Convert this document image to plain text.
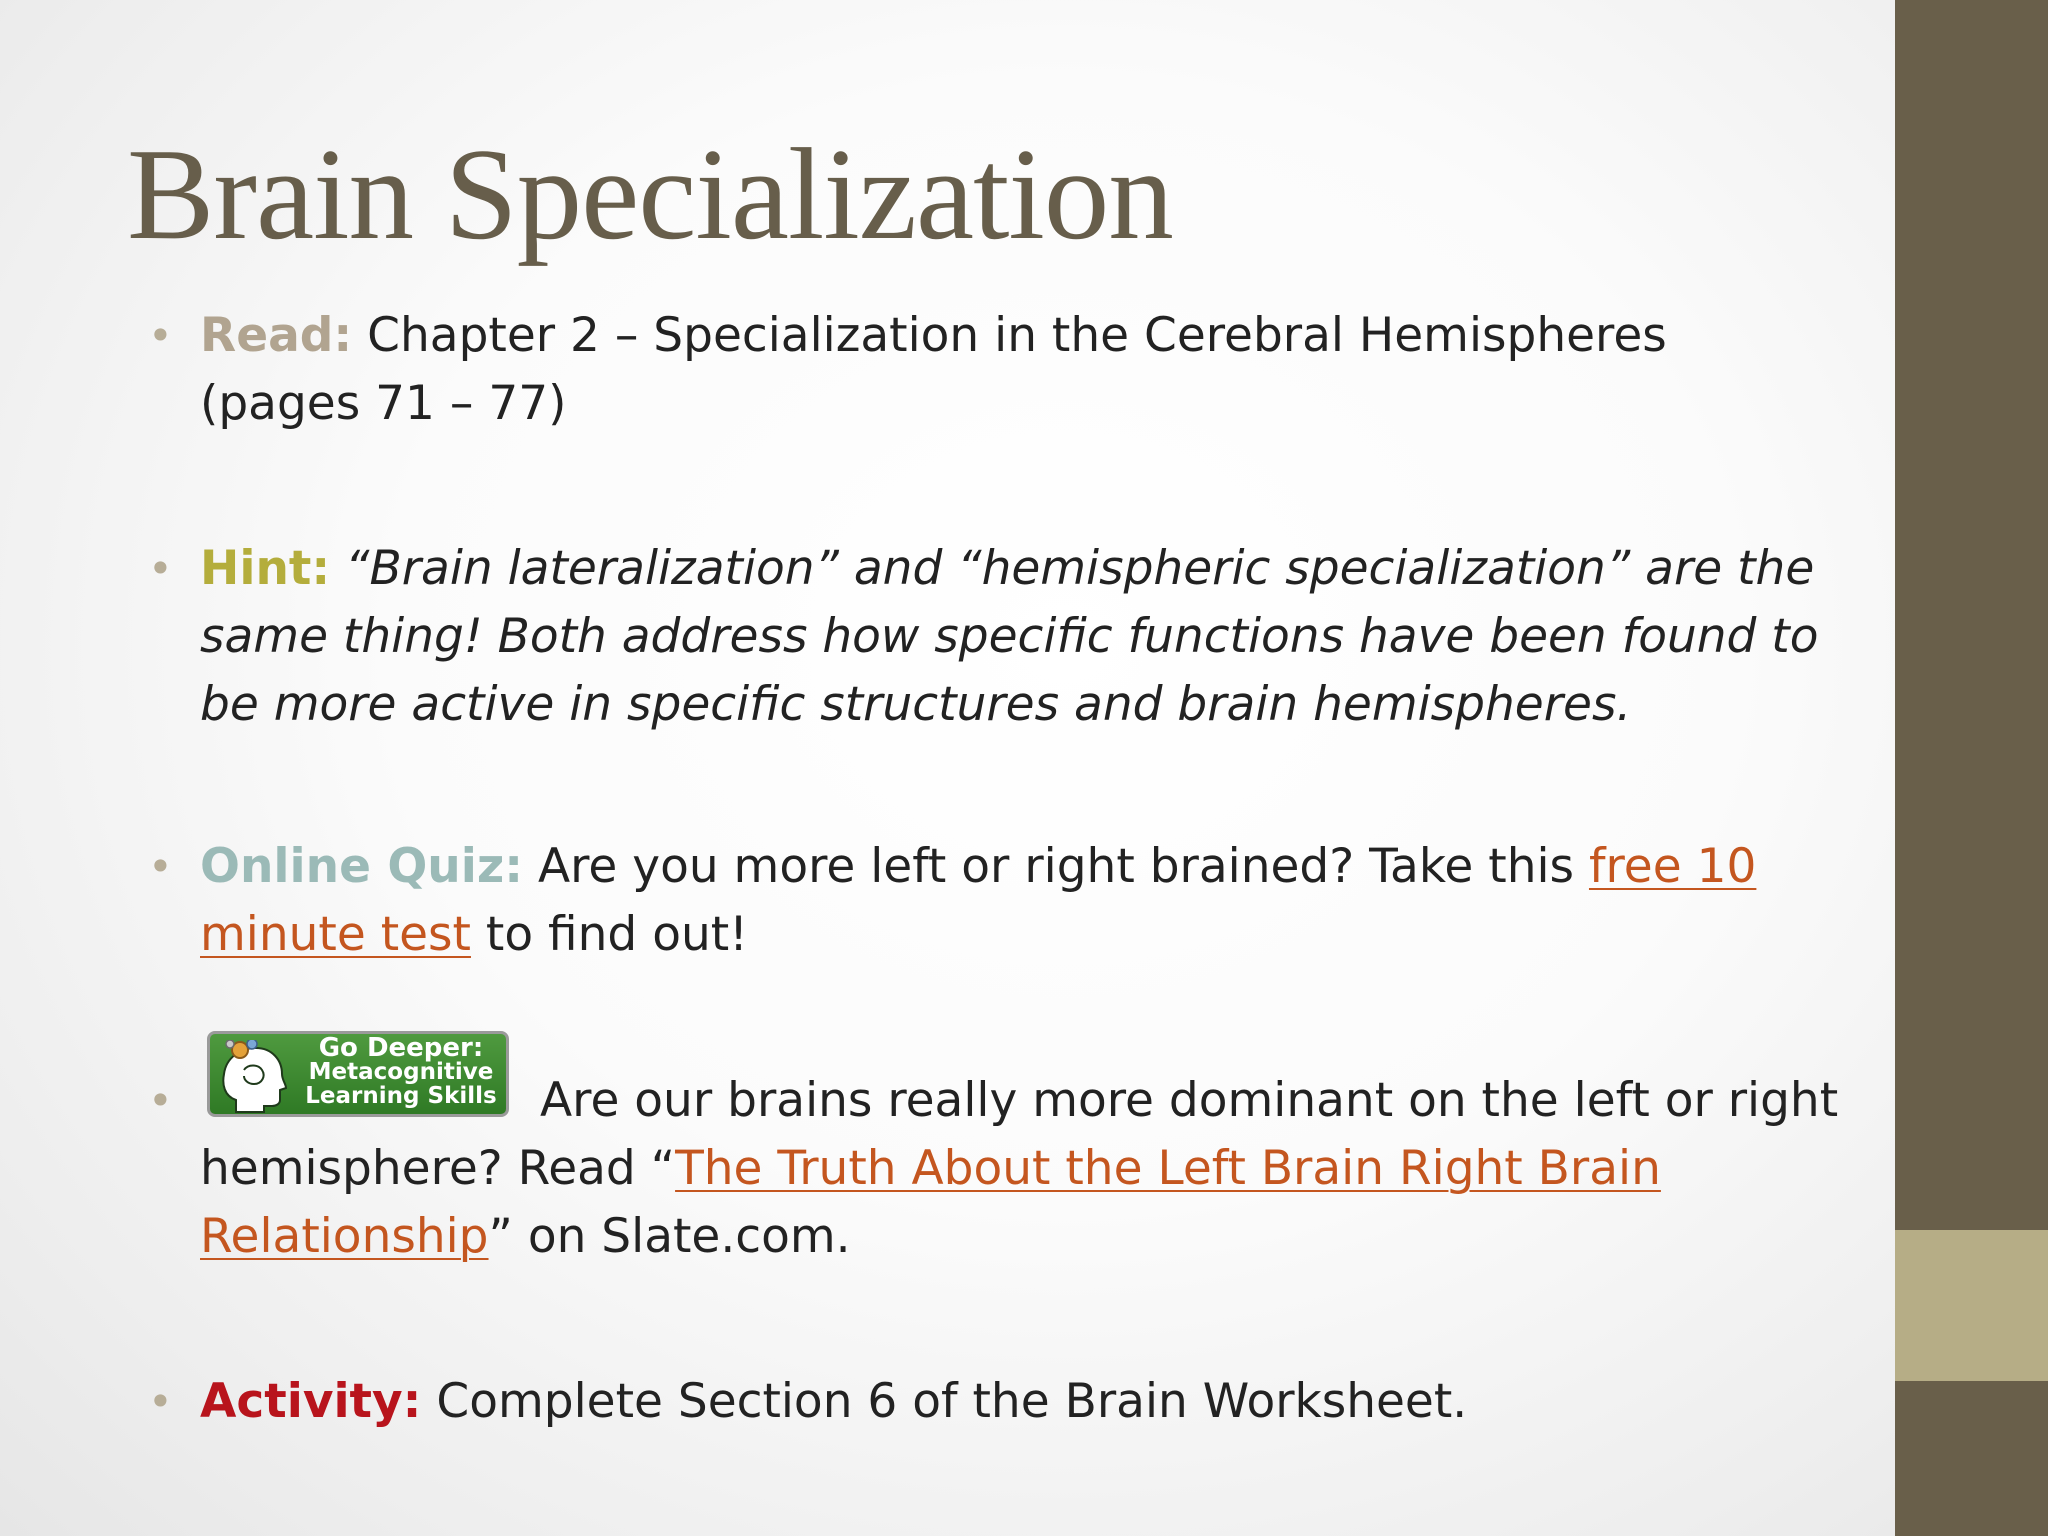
Brain Specialization
• Read: Chapter 2 – Specialization in the Cerebral Hemispheres
(pages 71 – 77)
• Hint: “Brain lateralization” and “hemispheric specialization” are the same thing! Both address how specific functions have been found to be more active in specific structures and brain hemispheres.
• Online Quiz: Are you more left or right brained? Take this free 10 minute test to find out!
Go Deeper:
Metacognitive
Learning Skills
•	Are our brains really more dominant on the left or right hemisphere? Read “The Truth About the Left Brain Right Brain Relationship” on Slate.com.
• Activity: Complete Section 6 of the Brain Worksheet.
